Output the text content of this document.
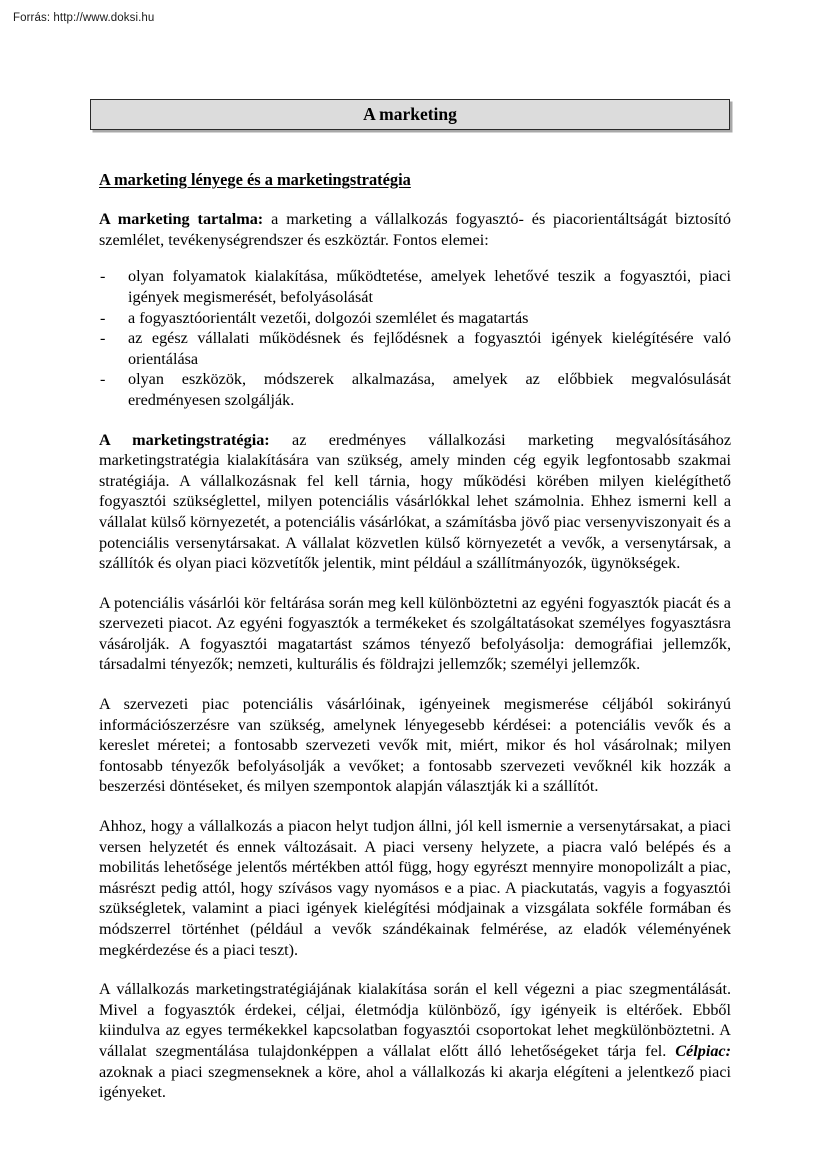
Forrás: http://www.doksi.hu
A marketing
A marketing lényege és a marketingstratégia

A marketing tartalma: a marketing a vállalkozás fogyasztó- és piacorientáltságát biztosító szemlélet, tevékenységrendszer és eszköztár. Fontos elemei:

- olyan folyamatok kialakítása, működtetése, amelyek lehetővé teszik a fogyasztói, piaci igények megismerését, befolyásolását
- a fogyasztóorientált vezetői, dolgozói szemlélet és magatartás
- az egész vállalati működésnek és fejlődésnek a fogyasztói igények kielégítésére való orientálása
- olyan eszközök, módszerek alkalmazása, amelyek az előbbiek megvalósulását eredményesen szolgálják.

A marketingstratégia: az eredményes vállalkozási marketing megvalósításához marketingstratégia kialakítására van szükség, amely minden cég egyik legfontosabb szakmai stratégiája. A vállalkozásnak fel kell tárnia, hogy működési körében milyen kielégíthető fogyasztói szükséglettel, milyen potenciális vásárlókkal lehet számolnia. Ehhez ismerni kell a vállalat külső környezetét, a potenciális vásárlókat, a számításba jövő piac versenyviszonyait és a potenciális versenytársakat. A vállalat közvetlen külső környezetét a vevők, a versenytársak, a szállítók és olyan piaci közvetítők jelentik, mint például a szállítmányozók, ügynökségek.

A potenciális vásárlói kör feltárása során meg kell különböztetni az egyéni fogyasztók piacát és a szervezeti piacot. Az egyéni fogyasztók a termékeket és szolgáltatásokat személyes fogyasztásra vásárolják. A fogyasztói magatartást számos tényező befolyásolja: demográfiai jellemzők, társadalmi tényezők; nemzeti, kulturális és földrajzi jellemzők; személyi jellemzők.

A szervezeti piac potenciális vásárlóinak, igényeinek megismerése céljából sokirányú információszerzésre van szükség, amelynek lényegesebb kérdései: a potenciális vevők és a kereslet méretei; a fontosabb szervezeti vevők mit, miért, mikor és hol vásárolnak; milyen fontosabb tényezők befolyásolják a vevőket; a fontosabb szervezeti vevőknél kik hozzák a beszerzési döntéseket, és milyen szempontok alapján választják ki a szállítót.

Ahhoz, hogy a vállalkozás a piacon helyt tudjon állni, jól kell ismernie a versenytársakat, a piaci versen helyzetét és ennek változásait. A piaci verseny helyzete, a piacra való belépés és a mobilitás lehetősége jelentős mértékben attól függ, hogy egyrészt mennyire monopolizált a piac, másrészt pedig attól, hogy szívásos vagy nyomásos e a piac. A piackutatás, vagyis a fogyasztói szükségletek, valamint a piaci igények kielégítési módjainak a vizsgálata sokféle formában és módszerrel történhet (például a vevők szándékainak felmérése, az eladók véleményének megkérdezése és a piaci teszt).

A vállalkozás marketingstratégiájának kialakítása során el kell végezni a piac szegmentálását. Mivel a fogyasztók érdekei, céljai, életmódja különböző, így igényeik is eltérőek. Ebből kiindulva az egyes termékekkel kapcsolatban fogyasztói csoportokat lehet megkülönböztetni. A vállalat szegmentálása tulajdonképpen a vállalat előtt álló lehetőségeket tárja fel. Célpiac: azoknak a piaci szegmenseknek a köre, ahol a vállalkozás ki akarja elégíteni a jelentkező piaci igényeket.
